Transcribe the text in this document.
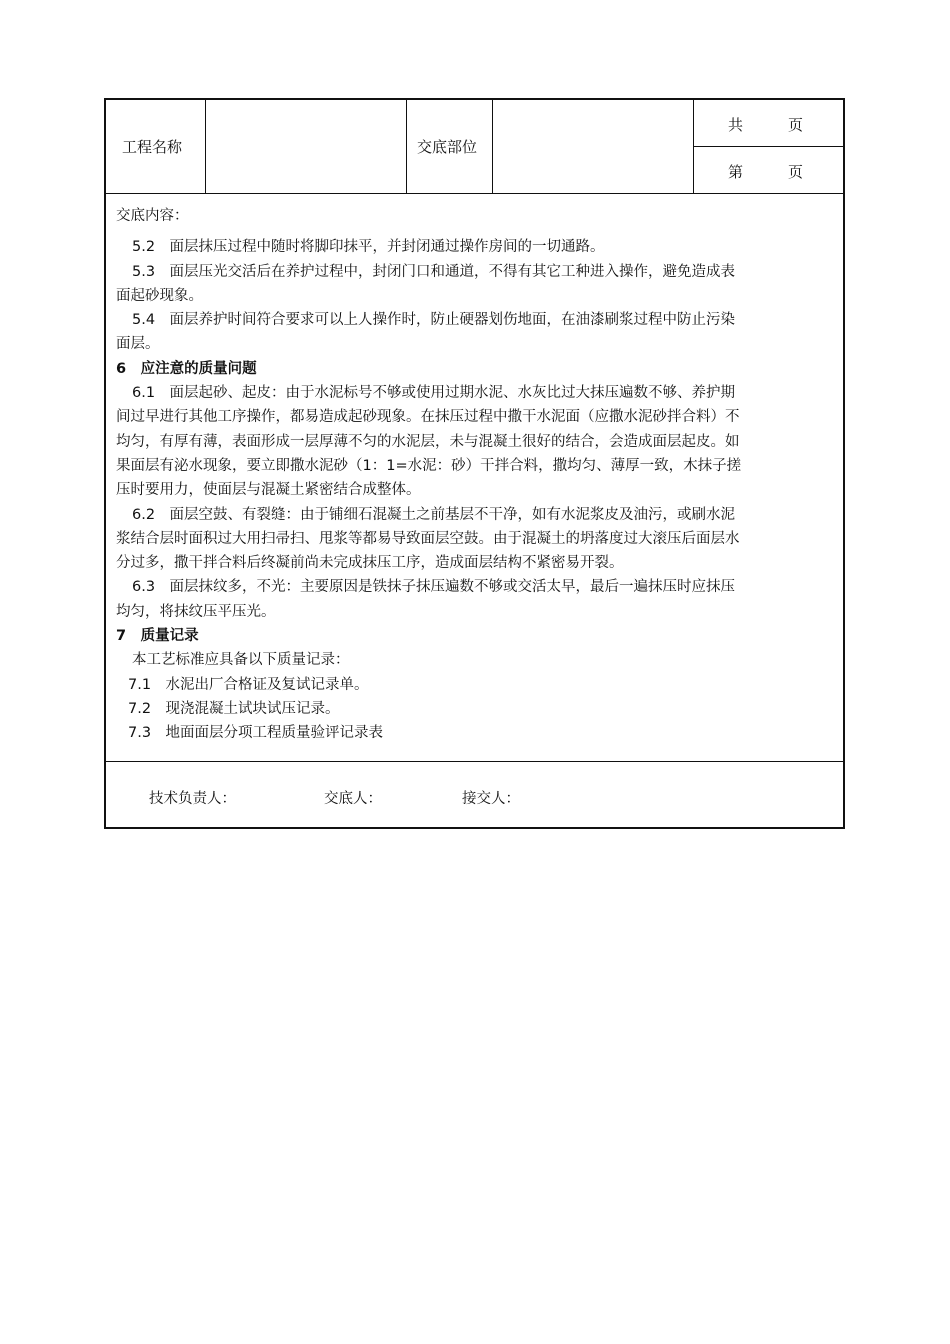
工程名称	交底部位
共　　　页
第　　　页

交底内容：

5.2　面层抹压过程中随时将脚印抹平，并封闭通过操作房间的一切通路。

5.3　面层压光交活后在养护过程中，封闭门口和通道，不得有其它工种进入操作，避免造成表

面起砂现象。

5.4　面层养护时间符合要求可以上人操作时，防止硬器划伤地面，在油漆刷浆过程中防止污染

面层。

6　应注意的质量问题

6.1　面层起砂、起皮：由于水泥标号不够或使用过期水泥、水灰比过大抹压遍数不够、养护期

间过早进行其他工序操作，都易造成起砂现象。在抹压过程中撒干水泥面（应撒水泥砂拌合料）不

均匀，有厚有薄，表面形成一层厚薄不匀的水泥层，未与混凝土很好的结合，会造成面层起皮。如

果面层有泌水现象，要立即撒水泥砂（1：1=水泥：砂）干拌合料，撒均匀、薄厚一致，木抹子搓

压时要用力，使面层与混凝土紧密结合成整体。

6.2　面层空鼓、有裂缝：由于铺细石混凝土之前基层不干净，如有水泥浆皮及油污，或刷水泥

浆结合层时面积过大用扫帚扫、甩浆等都易导致面层空鼓。由于混凝土的坍落度过大滚压后面层水

分过多，撒干拌合料后终凝前尚未完成抹压工序，造成面层结构不紧密易开裂。

6.3　面层抹纹多，不光：主要原因是铁抹子抹压遍数不够或交活太早，最后一遍抹压时应抹压

均匀，将抹纹压平压光。

7　质量记录

本工艺标准应具备以下质量记录：

7.1　水泥出厂合格证及复试记录单。

7.2　现浇混凝土试块试压记录。

7.3　地面面层分项工程质量验评记录表

技术负责人：	交底人：	接交人：
